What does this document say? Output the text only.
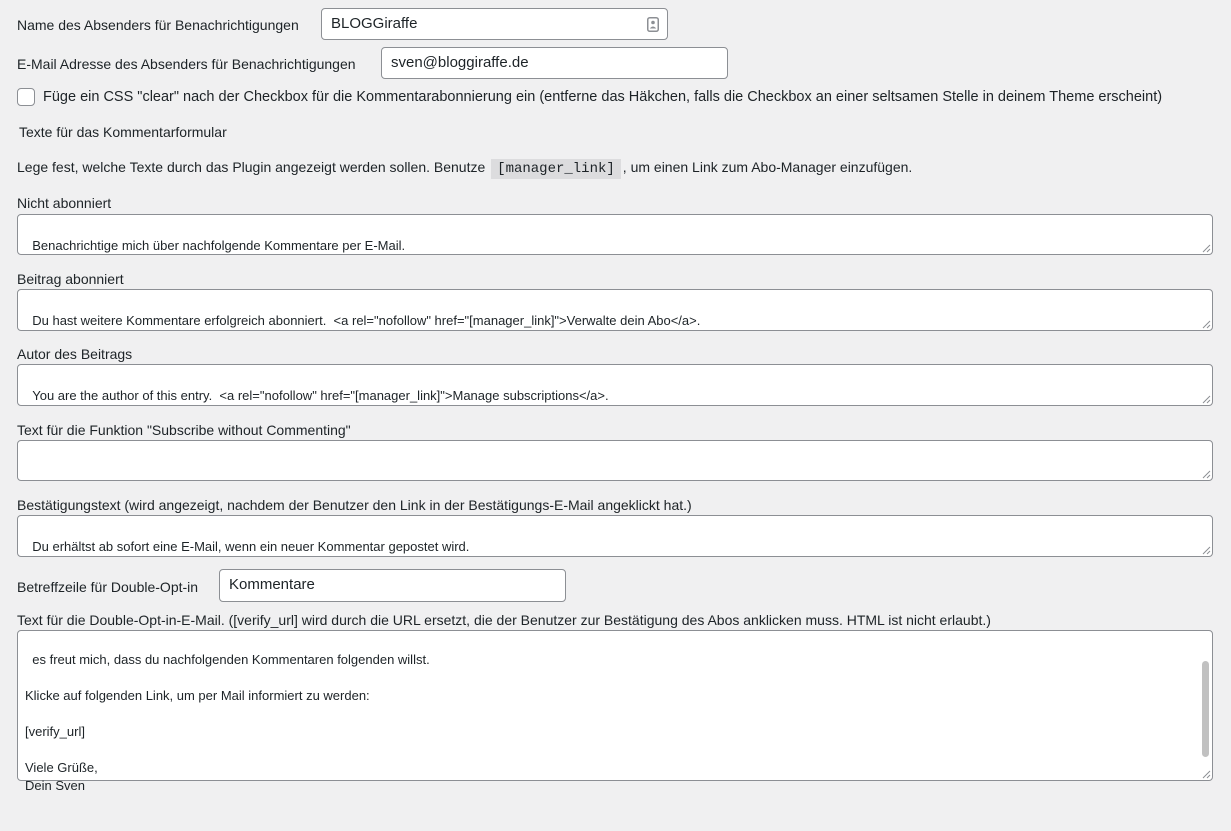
Name des Absenders für Benachrichtigungen	BLOGGiraffe
E-Mail Adresse des Absenders für Benachrichtigungen	sven@bloggiraffe.de
Füge ein CSS "clear" nach der Checkbox für die Kommentarabonnierung ein (entferne das Häkchen, falls die Checkbox an einer seltsamen Stelle in deinem Theme erscheint)
Texte für das Kommentarformular
Lege fest, welche Texte durch das Plugin angezeigt werden sollen. Benutze [manager_link] , um einen Link zum Abo-Manager einzufügen.
Nicht abonniert

Benachrichtige mich über nachfolgende Kommentare per E-Mail.

Beitrag abonniert

Du hast weitere Kommentare erfolgreich abonniert.  <a rel="nofollow" href="[manager_link]">Verwalte dein Abo</a>.

Autor des Beitrags

You are the author of this entry.  <a rel="nofollow" href="[manager_link]">Manage subscriptions</a>.

Text für die Funktion "Subscribe without Commenting"

Bestätigungstext (wird angezeigt, nachdem der Benutzer den Link in der Bestätigungs-E-Mail angeklickt hat.)

Du erhältst ab sofort eine E-Mail, wenn ein neuer Kommentar gepostet wird.

Betreffzeile für Double-Opt-in	Kommentare
Text für die Double-Opt-in-E-Mail. ([verify_url] wird durch die URL ersetzt, die der Benutzer zur Bestätigung des Abos anklicken muss. HTML ist nicht erlaubt.)

es freut mich, dass du nachfolgenden Kommentaren folgenden willst.

Klicke auf folgenden Link, um per Mail informiert zu werden:

[verify_url]

Viele Grüße,
Dein Sven
